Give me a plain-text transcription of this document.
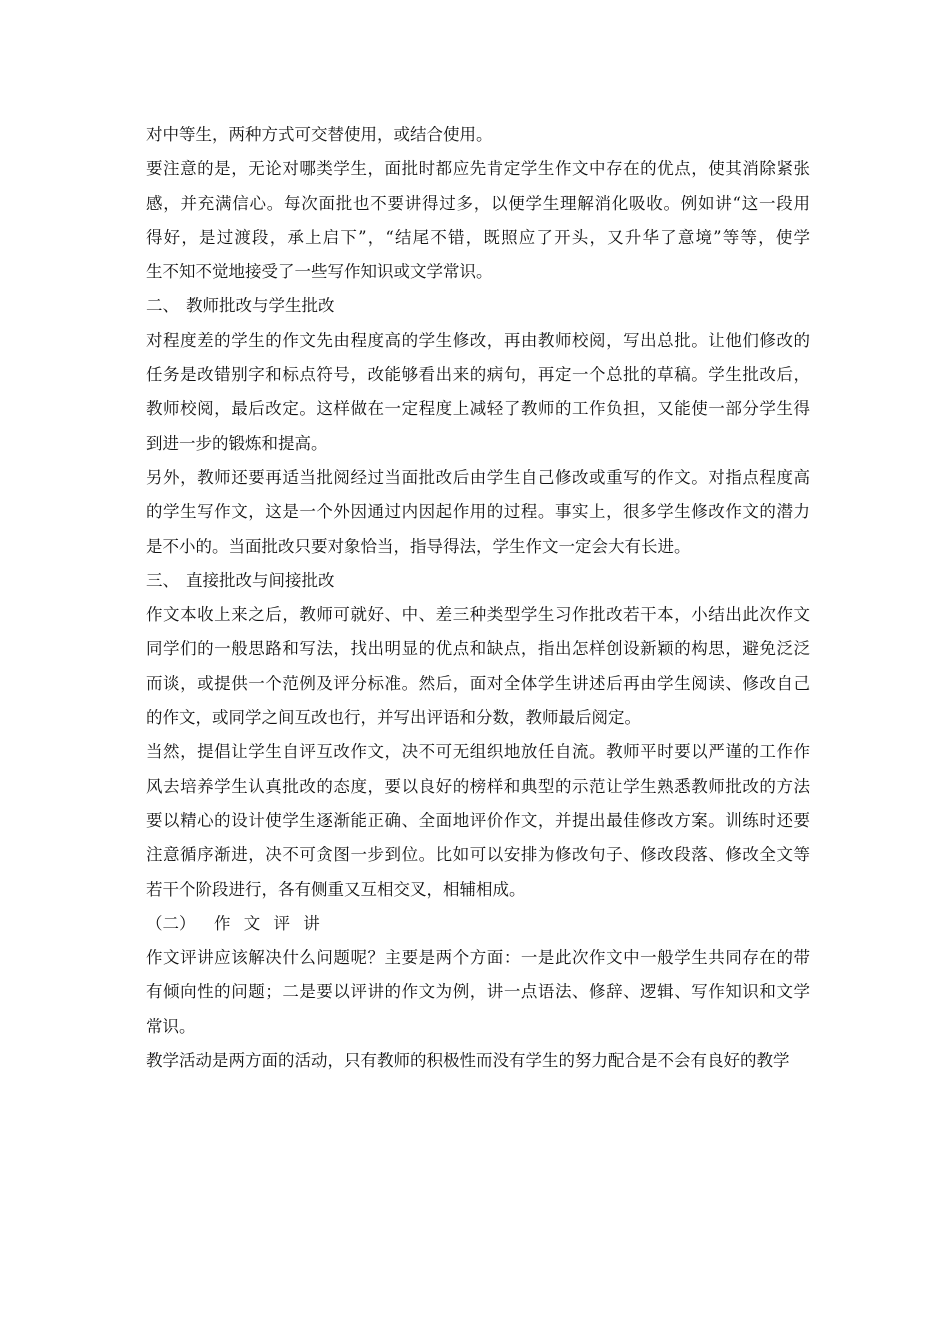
对中等生，两种方式可交替使用，或结合使用。
要注意的是，无论对哪类学生，面批时都应先肯定学生作文中存在的优点，使其消除紧张
感，并充满信心。每次面批也不要讲得过多，以便学生理解消化吸收。例如讲“这一段用
得好，是过渡段，承上启下”，“结尾不错，既照应了开头，又升华了意境”等等，使学
生不知不觉地接受了一些写作知识或文学常识。
二、 教师批改与学生批改
对程度差的学生的作文先由程度高的学生修改，再由教师校阅，写出总批。让他们修改的
任务是改错别字和标点符号，改能够看出来的病句，再定一个总批的草稿。学生批改后，
教师校阅，最后改定。这样做在一定程度上减轻了教师的工作负担，又能使一部分学生得
到进一步的锻炼和提高。
另外，教师还要再适当批阅经过当面批改后由学生自己修改或重写的作文。对指点程度高
的学生写作文，这是一个外因通过内因起作用的过程。事实上，很多学生修改作文的潜力
是不小的。当面批改只要对象恰当，指导得法，学生作文一定会大有长进。
三、 直接批改与间接批改
作文本收上来之后，教师可就好、中、差三种类型学生习作批改若干本，小结出此次作文
同学们的一般思路和写法，找出明显的优点和缺点，指出怎样创设新颖的构思，避免泛泛
而谈，或提供一个范例及评分标准。然后，面对全体学生讲述后再由学生阅读、修改自己
的作文，或同学之间互改也行，并写出评语和分数，教师最后阅定。
当然，提倡让学生自评互改作文，决不可无组织地放任自流。教师平时要以严谨的工作作
风去培养学生认真批改的态度，要以良好的榜样和典型的示范让学生熟悉教师批改的方法
要以精心的设计使学生逐渐能正确、全面地评价作文，并提出最佳修改方案。训练时还要
注意循序渐进，决不可贪图一步到位。比如可以安排为修改句子、修改段落、修改全文等
若干个阶段进行，各有侧重又互相交叉，相辅相成。
（二） 作 文 评 讲
作文评讲应该解决什么问题呢？主要是两个方面：一是此次作文中一般学生共同存在的带
有倾向性的问题；二是要以评讲的作文为例，讲一点语法、修辞、逻辑、写作知识和文学
常识。
教学活动是两方面的活动，只有教师的积极性而没有学生的努力配合是不会有良好的教学
